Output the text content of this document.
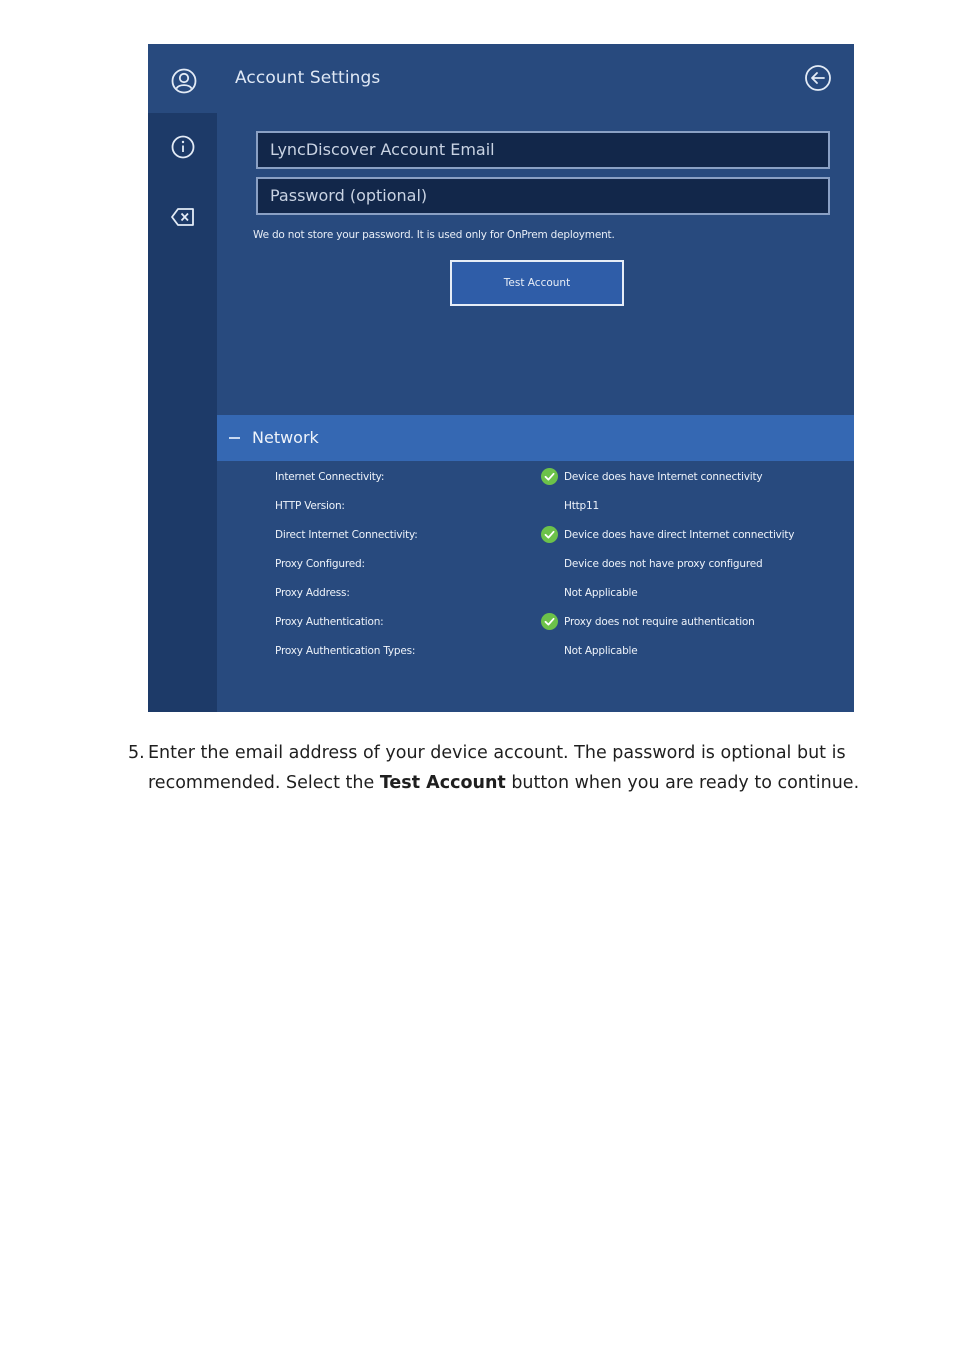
Account Settings
LyncDiscover Account Email
Password (optional)
We do not store your password. It is used only for OnPrem deployment.
Test Account
Network
Internet Connectivity:	Device does have Internet connectivity
HTTP Version:	Http11
Direct Internet Connectivity:	Device does have direct Internet connectivity
Proxy Configured:	Device does not have proxy configured
Proxy Address:	Not Applicable
Proxy Authentication:	Proxy does not require authentication
Proxy Authentication Types:	Not Applicable
5. Enter the email address of your device account. The password is optional but is
recommended. Select the Test Account button when you are ready to continue.
